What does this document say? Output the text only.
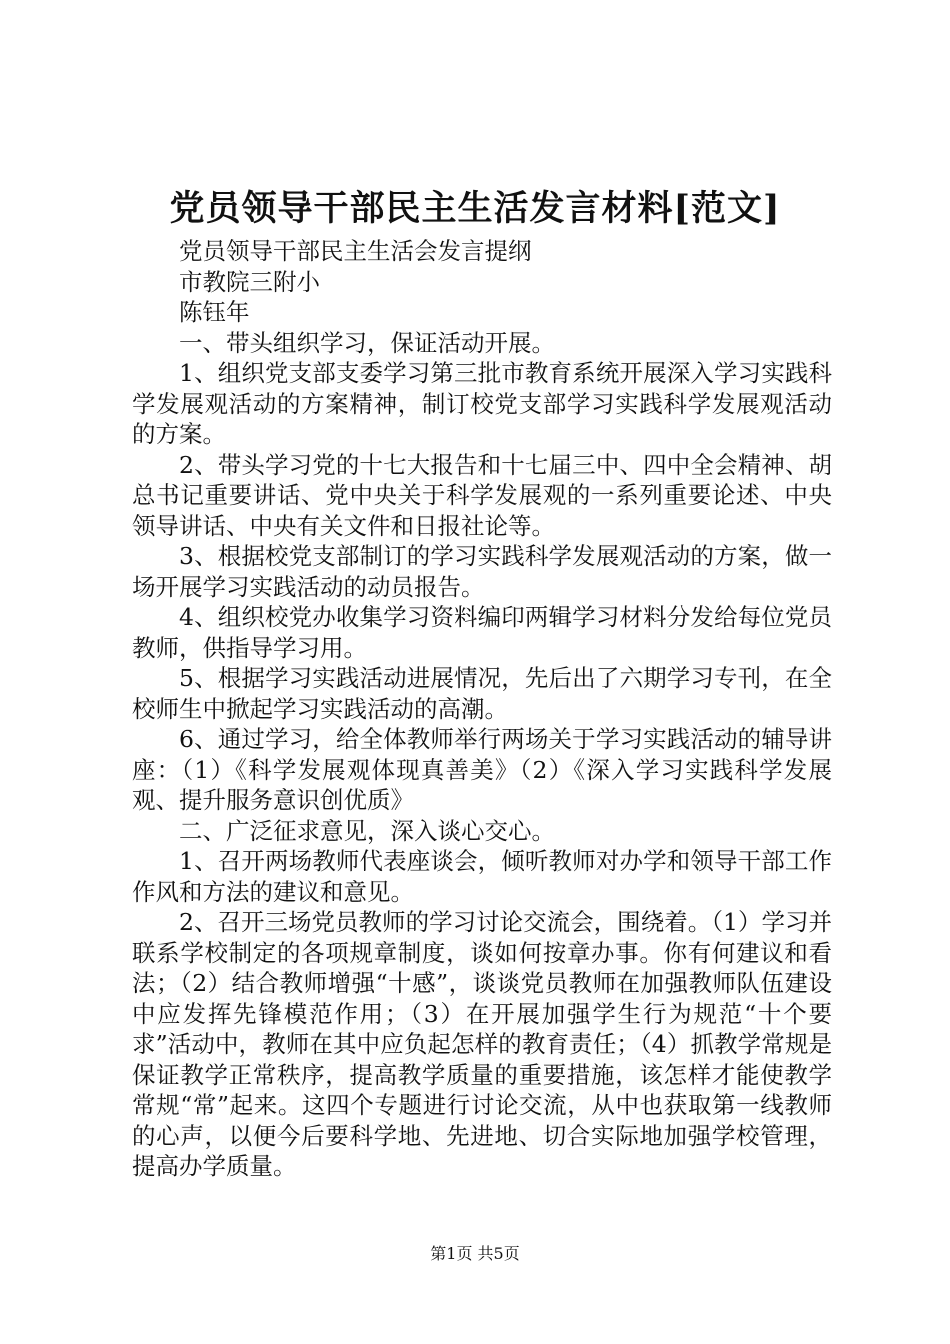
党员领导干部民主生活发言材料[范文]

党员领导干部民主生活会发言提纲

市教院三附小

陈钰年

一、带头组织学习，保证活动开展。

1、组织党支部支委学习第三批市教育系统开展深入学习实践科学发展观活动的方案精神，制订校党支部学习实践科学发展观活动的方案。

2、带头学习党的十七大报告和十七届三中、四中全会精神、胡总书记重要讲话、党中央关于科学发展观的一系列重要论述、中央领导讲话、中央有关文件和日报社论等。

3、根据校党支部制订的学习实践科学发展观活动的方案，做一场开展学习实践活动的动员报告。

4、组织校党办收集学习资料编印两辑学习材料分发给每位党员教师，供指导学习用。

5、根据学习实践活动进展情况，先后出了六期学习专刊，在全校师生中掀起学习实践活动的高潮。

6、通过学习，给全体教师举行两场关于学习实践活动的辅导讲座：（1）《科学发展观体现真善美》（2）《深入学习实践科学发展观、提升服务意识创优质》

二、广泛征求意见，深入谈心交心。

1、召开两场教师代表座谈会，倾听教师对办学和领导干部工作作风和方法的建议和意见。

2、召开三场党员教师的学习讨论交流会，围绕着。（1）学习并联系学校制定的各项规章制度，谈如何按章办事。你有何建议和看法；（2）结合教师增强“十感”，谈谈党员教师在加强教师队伍建设中应发挥先锋模范作用；（3）在开展加强学生行为规范“十个要求”活动中，教师在其中应负起怎样的教育责任；（4）抓教学常规是保证教学正常秩序，提高教学质量的重要措施，该怎样才能使教学常规“常”起来。这四个专题进行讨论交流，从中也获取第一线教师的心声，以便今后要科学地、先进地、切合实际地加强学校管理，提高办学质量。

第1页 共5页
